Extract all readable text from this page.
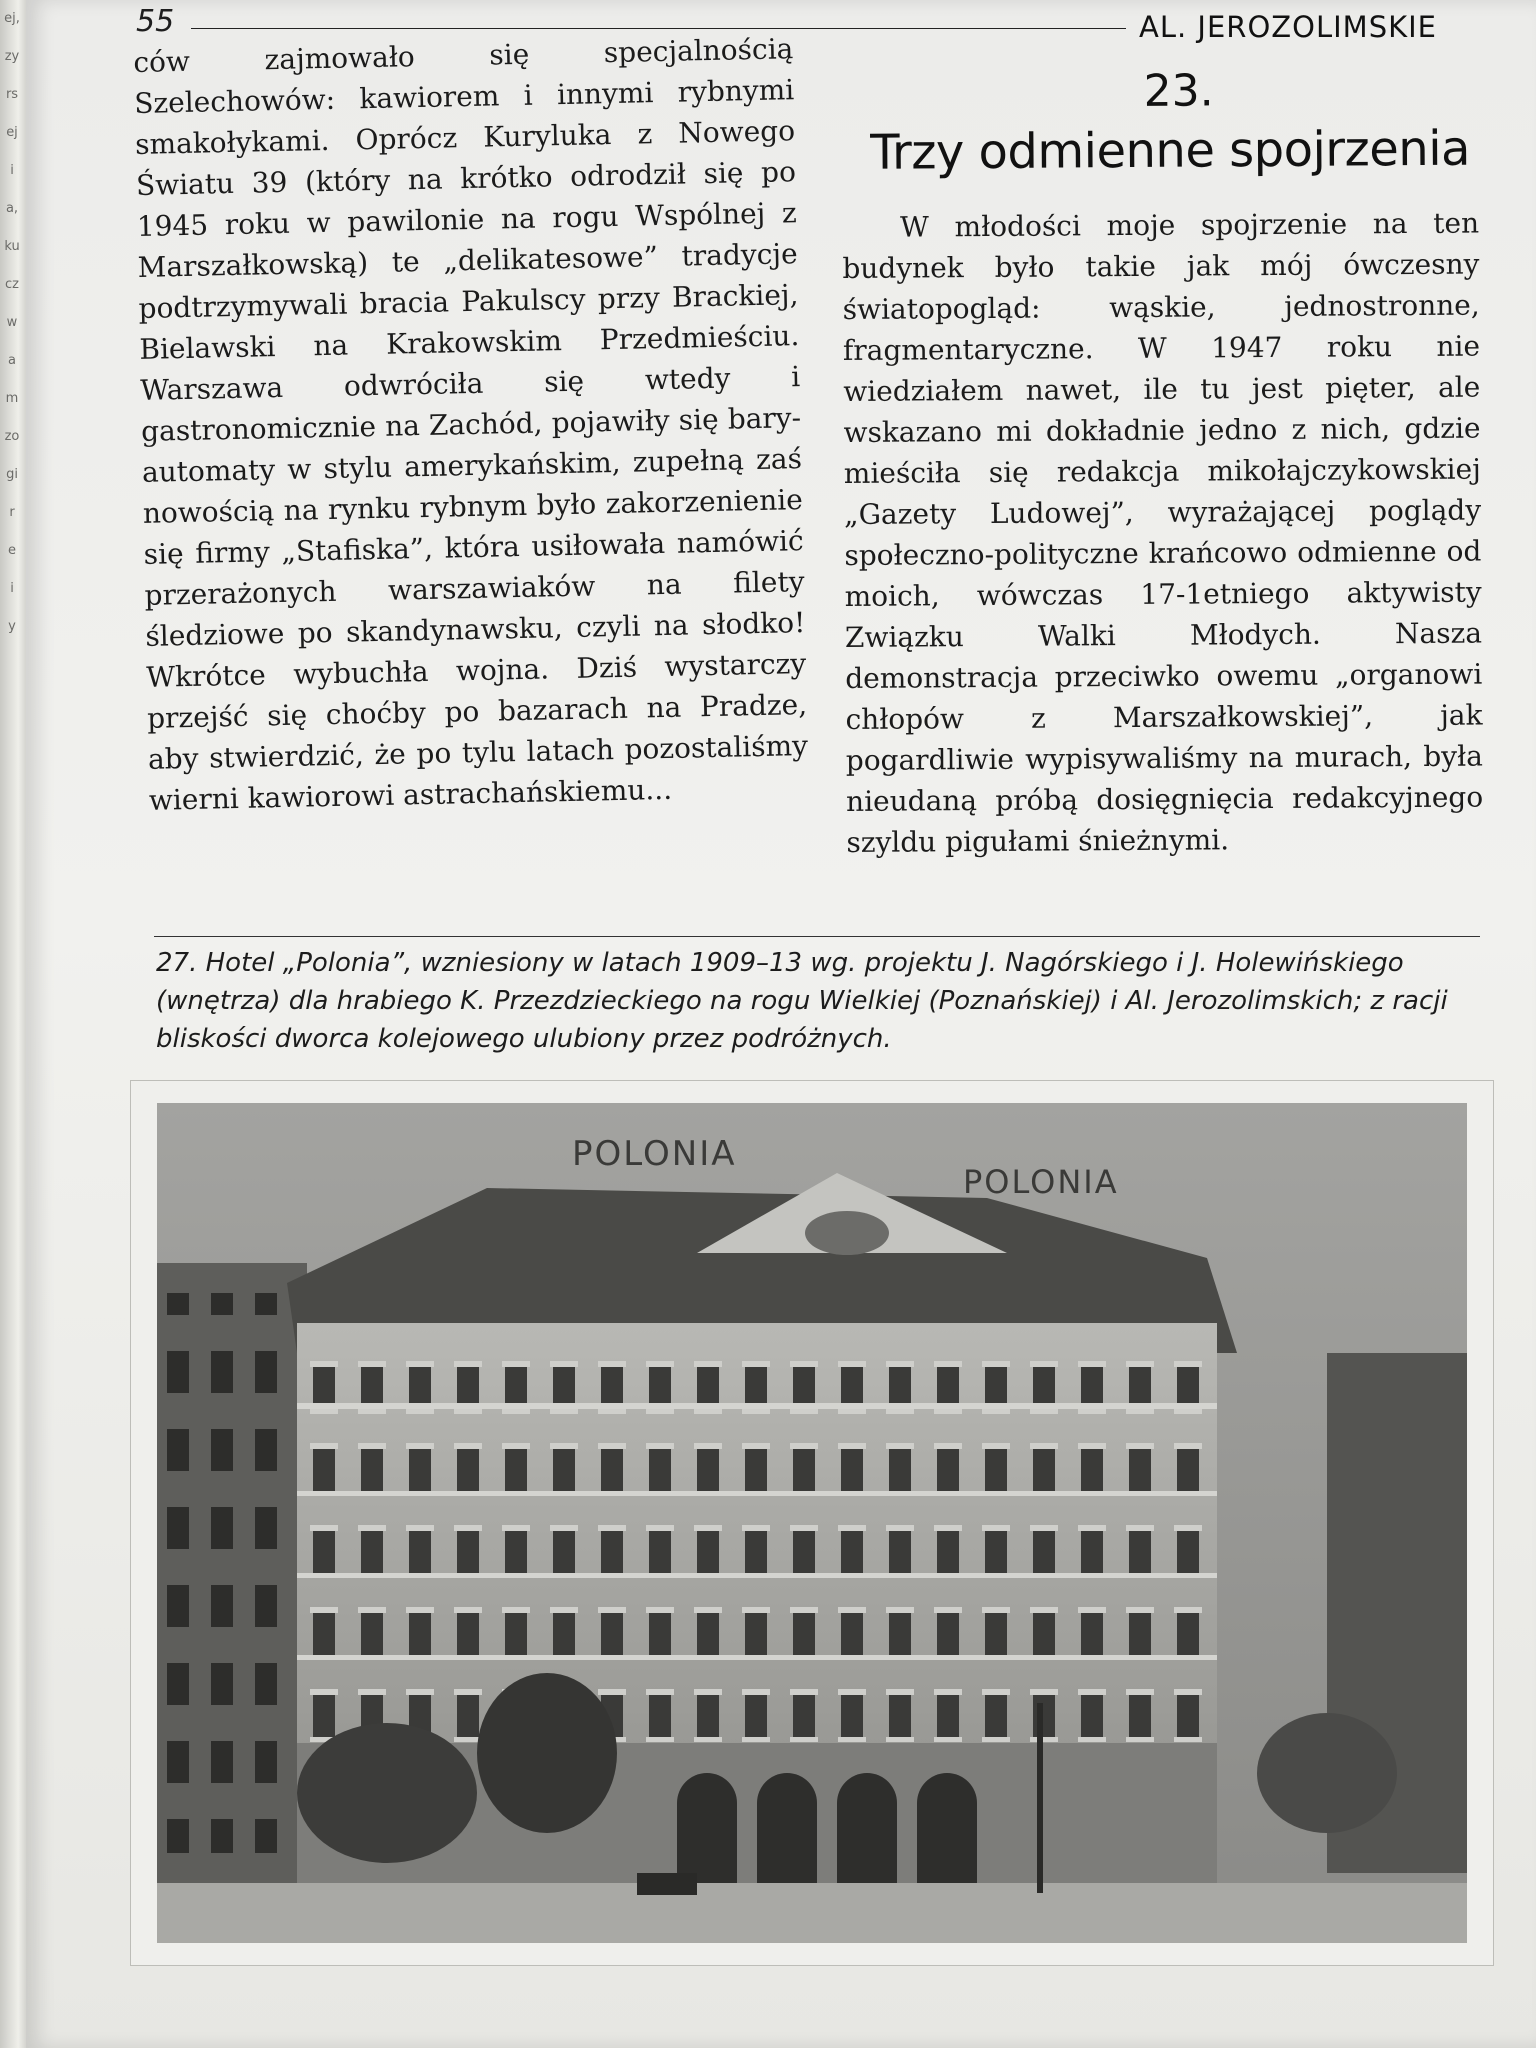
ej,
zy
rs
ej
i
a,
ku
cz
w
a
m
zo
gi
r
e
i
y
55	AL. JEROZOLIMSKIE
ców zajmowało się specjalnością Szelechowów: kawiorem i innymi rybnymi smakołykami. Oprócz Kuryluka z Nowego Światu 39 (który na krótko odrodził się po 1945 roku w pawilonie na rogu Wspólnej z Marszałkowską) te „delikatesowe” tradycje podtrzymywali bracia Pakulscy przy Brackiej, Bielawski na Krakowskim Przedmieściu. Warszawa odwróciła się wtedy i gastronomicznie na Zachód, pojawiły się bary-automaty w stylu amerykańskim, zupełną zaś nowością na rynku rybnym było zakorzenienie się firmy „Stafiska”, która usiłowała namówić przerażonych warszawiaków na filety śledziowe po skandynawsku, czyli na słodko! Wkrótce wybuchła wojna. Dziś wystarczy przejść się choćby po bazarach na Pradze, aby stwierdzić, że po tylu latach pozostaliśmy wierni kawiorowi astrachańskiemu...
23.
Trzy odmienne spojrzenia

W młodości moje spojrzenie na ten budynek było takie jak mój ówczesny światopogląd: wąskie, jednostronne, fragmentaryczne. W 1947 roku nie wiedziałem nawet, ile tu jest pięter, ale wskazano mi dokładnie jedno z nich, gdzie mieściła się redakcja mikołajczykowskiej „Gazety Ludowej”, wyrażającej poglądy społeczno-polityczne krańcowo odmienne od moich, wówczas 17-1etniego aktywisty Związku Walki Młodych. Nasza demonstracja przeciwko owemu „organowi chłopów z Marszałkowskiej”, jak pogardliwie wypisywaliśmy na murach, była nieudaną próbą dosięgnięcia redakcyjnego szyldu pigułami śnieżnymi.

27. Hotel „Polonia”, wzniesiony w latach 1909–13 wg. projektu J. Nagórskiego i J. Holewińskiego (wnętrza) dla hrabiego K. Przezdzieckiego na rogu Wielkiej (Poznańskiej) i Al. Jerozolimskich; z racji bliskości dworca kolejowego ulubiony przez podróżnych.
POLONIA
POLONIA
